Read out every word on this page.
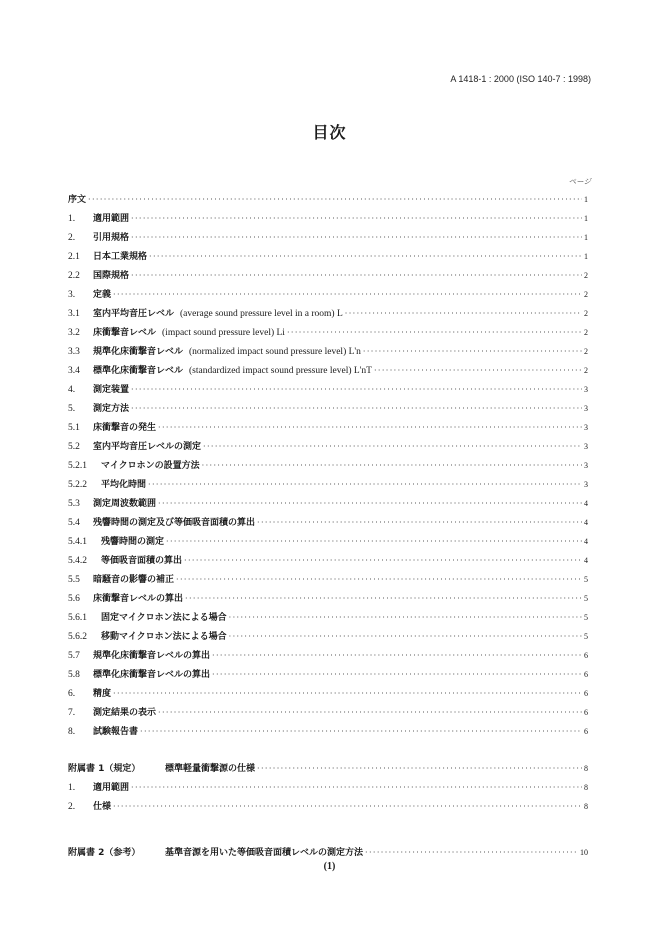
A 1418-1 : 2000 (ISO 140-7 : 1998)
目次
ページ
序文 ·····	1
1.	適用範囲 ·····	1
2.	引用規格 ·····	1
2.1	日本工業規格 ·····	1
2.2	国際規格 ·····	2
3.	定義 ·····	2
3.1	室内平均音圧レベル (average sound pressure level in a room) L ·····	2
3.2	床衝撃音レベル (impact sound pressure level) Li ·····	2
3.3	規準化床衝撃音レベル (normalized impact sound pressure level) L'n ·····	2
3.4	標準化床衝撃音レベル (standardized impact sound pressure level) L'nT ·····	2
4.	測定装置 ·····	3
5.	測定方法 ·····	3
5.1	床衝撃音の発生 ·····	3
5.2	室内平均音圧レベルの測定 ·····	3
5.2.1	マイクロホンの設置方法 ·····	3
5.2.2	平均化時間 ·····	3
5.3	測定周波数範囲 ·····	4
5.4	残響時間の測定及び等価吸音面積の算出 ·····	4
5.4.1	残響時間の測定 ·····	4
5.4.2	等価吸音面積の算出 ·····	4
5.5	暗騒音の影響の補正 ·····	5
5.6	床衝撃音レベルの算出 ·····	5
5.6.1	固定マイクロホン法による場合 ·····	5
5.6.2	移動マイクロホン法による場合 ·····	5
5.7	規準化床衝撃音レベルの算出 ·····	6
5.8	標準化床衝撃音レベルの算出 ·····	6
6.	精度 ·····	6
7.	測定結果の表示 ·····	6
8.	試験報告書 ·····	6
附属書 1（規定）	標準軽量衝撃源の仕様 ·····	8
1.	適用範囲 ·····	8
2.	仕様 ·····	8
附属書 2（参考）	基準音源を用いた等価吸音面積レベルの測定方法 ·····	10
(1)
